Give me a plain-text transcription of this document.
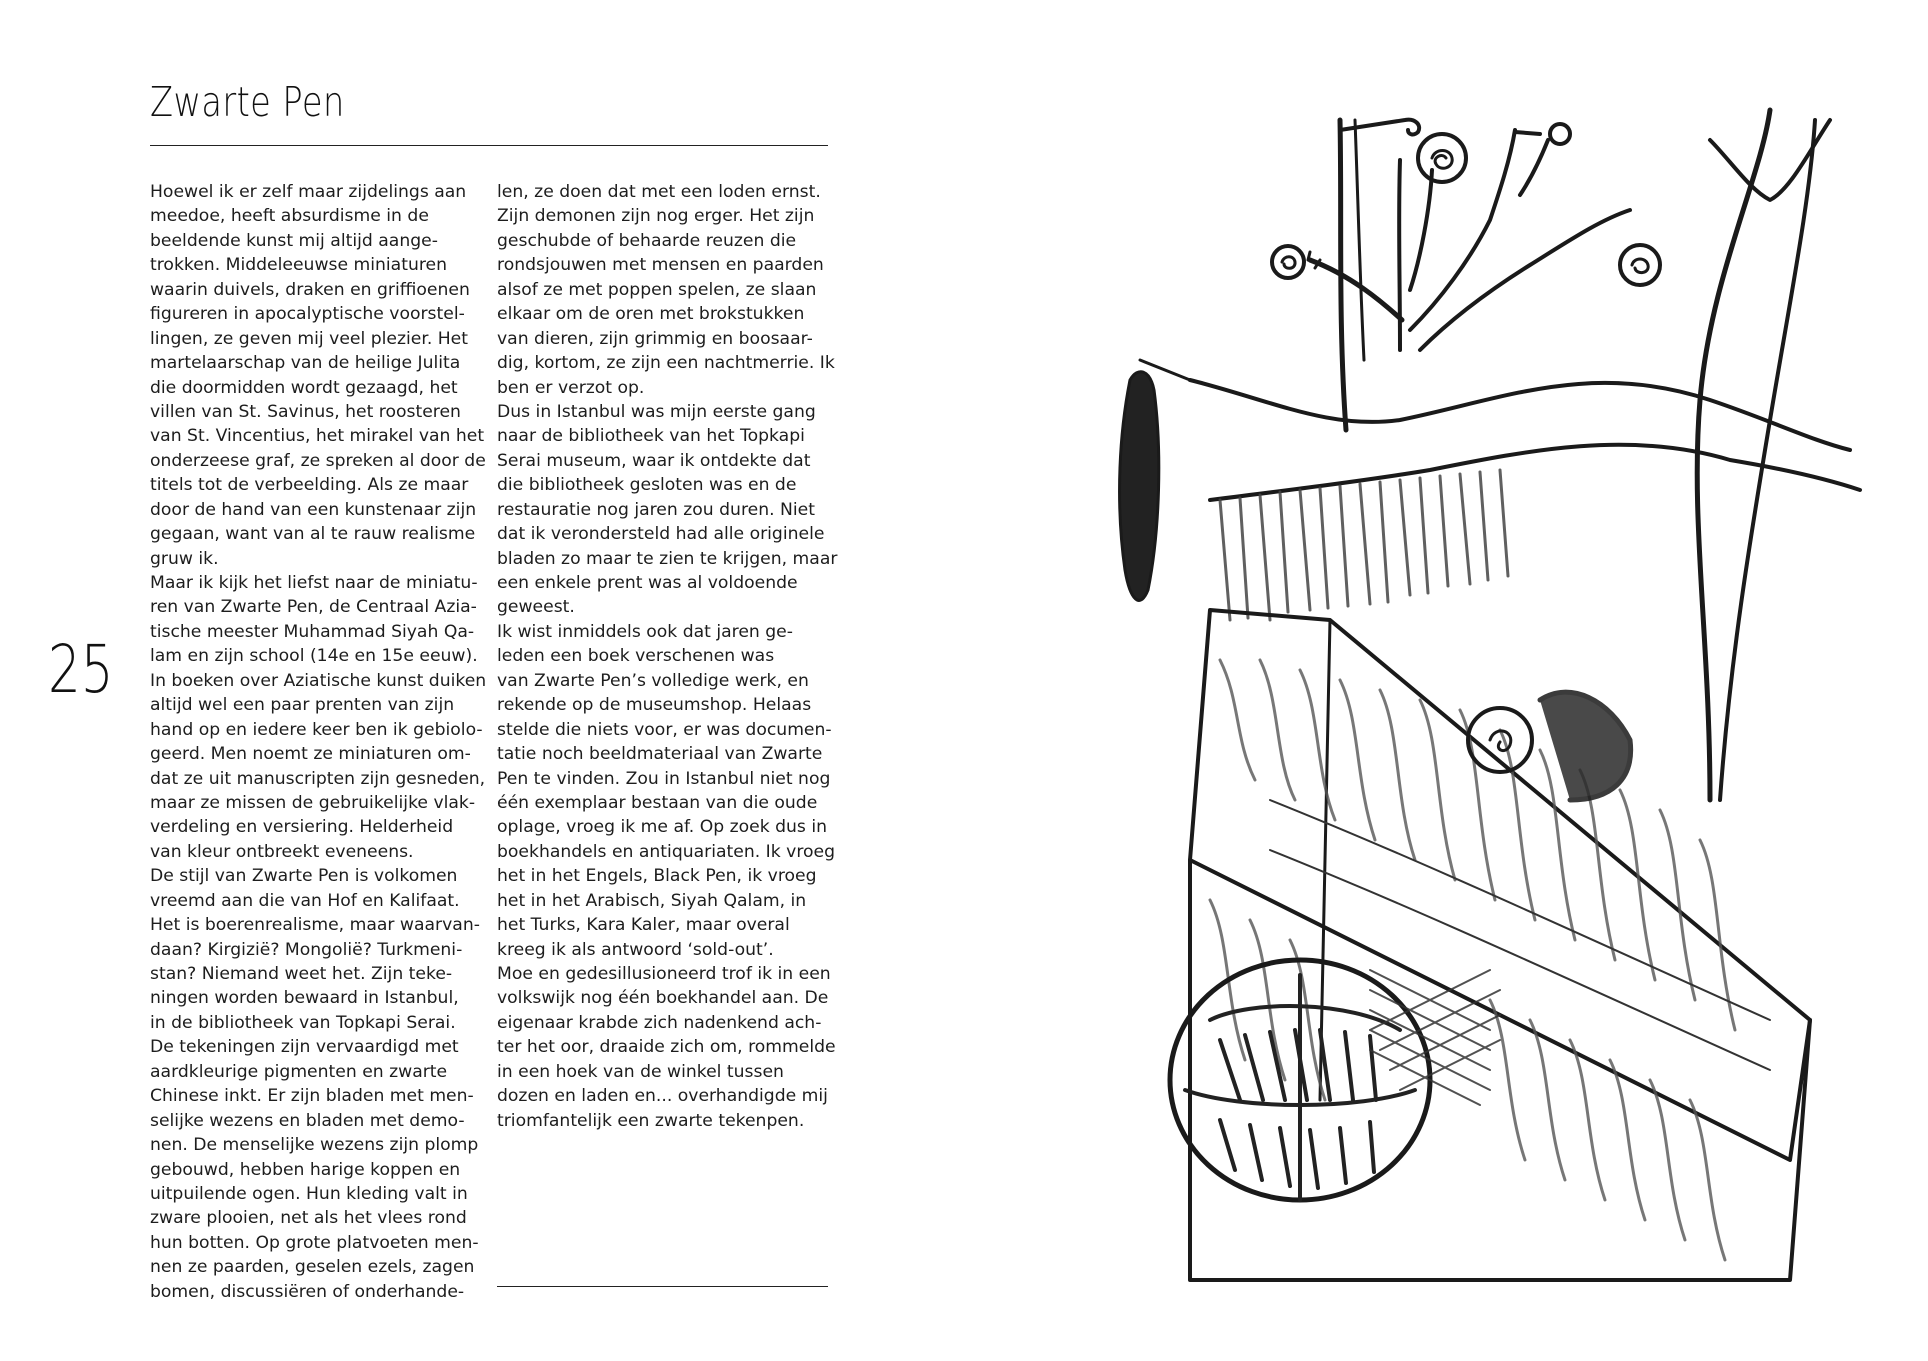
Zwarte Pen
25
Hoewel ik er zelf maar zijdelings aan
meedoe, heeft absurdisme in de
beeldende kunst mij altijd aange-
trokken. Middeleeuwse miniaturen
waarin duivels, draken en griffioenen
figureren in apocalyptische voorstel-
lingen, ze geven mij veel plezier. Het
martelaarschap van de heilige Julita
die doormidden wordt gezaagd, het
villen van St. Savinus, het roosteren
van St. Vincentius, het mirakel van het
onderzeese graf, ze spreken al door de
titels tot de verbeelding. Als ze maar
door de hand van een kunstenaar zijn
gegaan, want van al te rauw realisme
gruw ik.
Maar ik kijk het liefst naar de miniatu-
ren van Zwarte Pen, de Centraal Azia-
tische meester Muhammad Siyah Qa-
lam en zijn school (14e en 15e eeuw).
In boeken over Aziatische kunst duiken
altijd wel een paar prenten van zijn
hand op en iedere keer ben ik gebiolo-
geerd. Men noemt ze miniaturen om-
dat ze uit manuscripten zijn gesneden,
maar ze missen de gebruikelijke vlak-
verdeling en versiering. Helderheid
van kleur ontbreekt eveneens.
De stijl van Zwarte Pen is volkomen
vreemd aan die van Hof en Kalifaat.
Het is boerenrealisme, maar waarvan-
daan? Kirgizië? Mongolië? Turkmeni-
stan? Niemand weet het. Zijn teke-
ningen worden bewaard in Istanbul,
in de bibliotheek van Topkapi Serai.
De tekeningen zijn vervaardigd met
aardkleurige pigmenten en zwarte
Chinese inkt. Er zijn bladen met men-
selijke wezens en bladen met demo-
nen. De menselijke wezens zijn plomp
gebouwd, hebben harige koppen en
uitpuilende ogen. Hun kleding valt in
zware plooien, net als het vlees rond
hun botten. Op grote platvoeten men-
nen ze paarden, geselen ezels, zagen
bomen, discussiëren of onderhande-
len, ze doen dat met een loden ernst.
Zijn demonen zijn nog erger. Het zijn
geschubde of behaarde reuzen die
rondsjouwen met mensen en paarden
alsof ze met poppen spelen, ze slaan
elkaar om de oren met brokstukken
van dieren, zijn grimmig en boosaar-
dig, kortom, ze zijn een nachtmerrie. Ik
ben er verzot op.
Dus in Istanbul was mijn eerste gang
naar de bibliotheek van het Topkapi
Serai museum, waar ik ontdekte dat
die bibliotheek gesloten was en de
restauratie nog jaren zou duren. Niet
dat ik verondersteld had alle originele
bladen zo maar te zien te krijgen, maar
een enkele prent was al voldoende
geweest.
Ik wist inmiddels ook dat jaren ge-
leden een boek verschenen was
van Zwarte Pen’s volledige werk, en
rekende op de museumshop. Helaas
stelde die niets voor, er was documen-
tatie noch beeldmateriaal van Zwarte
Pen te vinden. Zou in Istanbul niet nog
één exemplaar bestaan van die oude
oplage, vroeg ik me af. Op zoek dus in
boekhandels en antiquariaten. Ik vroeg
het in het Engels, Black Pen, ik vroeg
het in het Arabisch, Siyah Qalam, in
het Turks, Kara Kaler, maar overal
kreeg ik als antwoord ‘sold-out’.
Moe en gedesillusioneerd trof ik in een
volkswijk nog één boekhandel aan. De
eigenaar krabde zich nadenkend ach-
ter het oor, draaide zich om, rommelde
in een hoek van de winkel tussen
dozen en laden en... overhandigde mij
triomfantelijk een zwarte tekenpen.
